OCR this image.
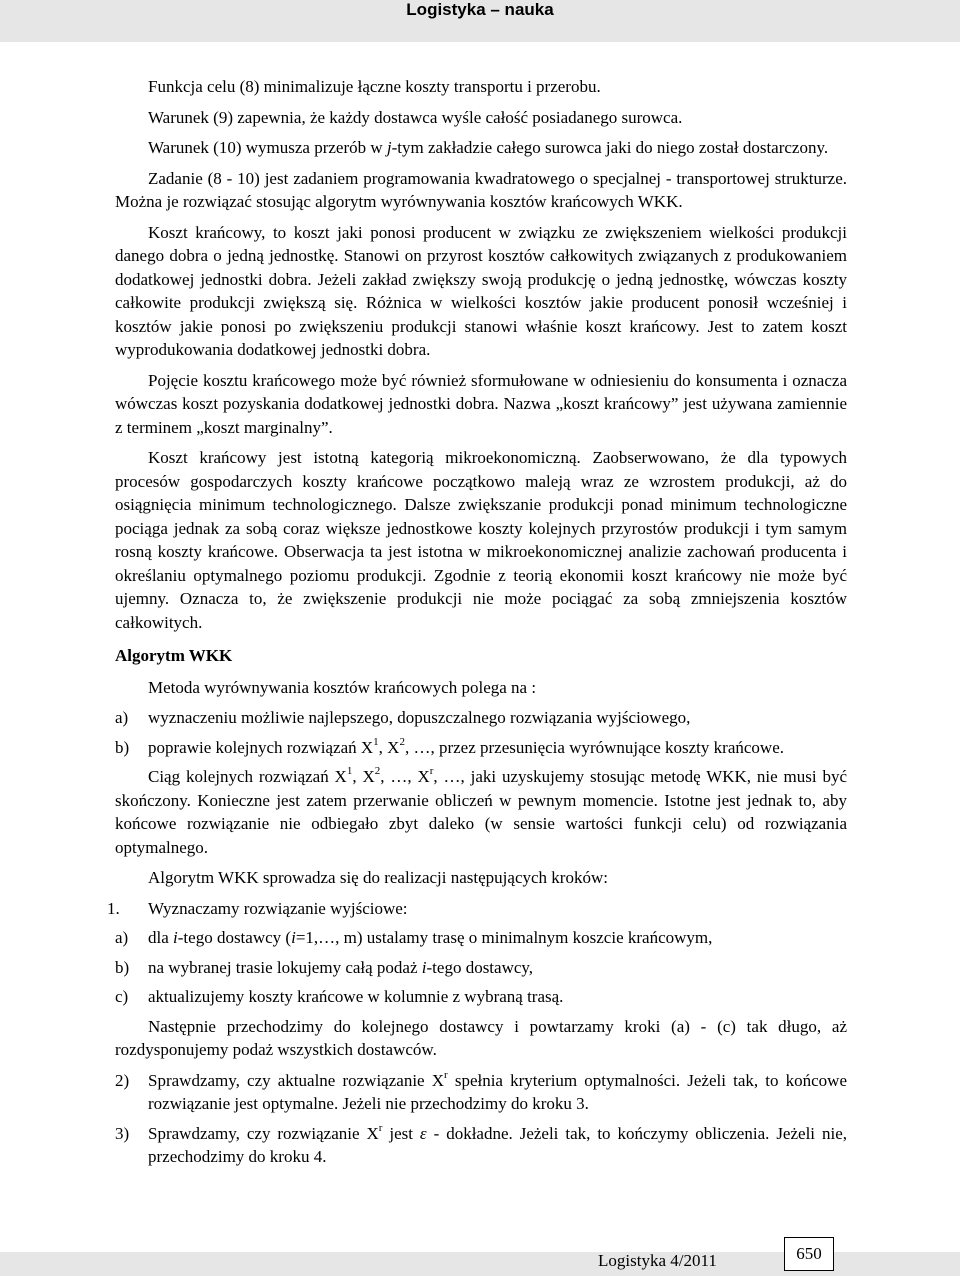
Logistyka – nauka

Funkcja celu (8) minimalizuje łączne koszty transportu i przerobu.

Warunek (9) zapewnia, że każdy dostawca wyśle całość posiadanego surowca.

Warunek (10) wymusza przerób w j-tym zakładzie całego surowca jaki do niego został dostarczony.

Zadanie (8 - 10) jest zadaniem programowania kwadratowego o specjalnej - transportowej strukturze. Można je rozwiązać stosując algorytm wyrównywania kosztów krańcowych WKK.

Koszt krańcowy, to koszt jaki ponosi producent w związku ze zwiększeniem wielkości produkcji danego dobra o jedną jednostkę. Stanowi on przyrost kosztów całkowitych związanych z produkowaniem dodatkowej jednostki dobra. Jeżeli zakład zwiększy swoją produkcję o jedną jednostkę, wówczas koszty całkowite produkcji zwiększą się. Różnica w wielkości kosztów jakie producent ponosił wcześniej i kosztów jakie ponosi po zwiększeniu produkcji stanowi właśnie koszt krańcowy. Jest to zatem koszt wyprodukowania dodatkowej jednostki dobra.

Pojęcie kosztu krańcowego może być również sformułowane w odniesieniu do konsumenta i oznacza wówczas koszt pozyskania dodatkowej jednostki dobra. Nazwa „koszt krańcowy” jest używana zamiennie z terminem „koszt marginalny”.

Koszt krańcowy jest istotną kategorią mikroekonomiczną. Zaobserwowano, że dla typowych procesów gospodarczych koszty krańcowe początkowo maleją wraz ze wzrostem produkcji, aż do osiągnięcia minimum technologicznego. Dalsze zwiększanie produkcji ponad minimum technologiczne pociąga jednak za sobą coraz większe jednostkowe koszty kolejnych przyrostów produkcji i tym samym rosną koszty krańcowe. Obserwacja ta jest istotna w mikroekonomicznej analizie zachowań producenta i określaniu optymalnego poziomu produkcji. Zgodnie z teorią ekonomii koszt krańcowy nie może być ujemny. Oznacza to, że zwiększenie produkcji nie może pociągać za sobą zmniejszenia kosztów całkowitych.

Algorytm WKK

Metoda wyrównywania kosztów krańcowych polega na :

a) wyznaczeniu możliwie najlepszego, dopuszczalnego rozwiązania wyjściowego,
b) poprawie kolejnych rozwiązań $X^1$, $X^2$, …, przez przesunięcia wyrównujące koszty krańcowe.

Ciąg kolejnych rozwiązań $X^1$, $X^2$, …, $X^r$, …, jaki uzyskujemy stosując metodę WKK, nie musi być skończony. Konieczne jest zatem przerwanie obliczeń w pewnym momencie. Istotne jest jednak to, aby końcowe rozwiązanie nie odbiegało zbyt daleko (w sensie wartości funkcji celu) od rozwiązania optymalnego.

Algorytm WKK sprowadza się do realizacji następujących kroków:

1. Wyznaczamy rozwiązanie wyjściowe:
a) dla i-tego dostawcy (i=1,…, m) ustalamy trasę o minimalnym koszcie krańcowym,
b) na wybranej trasie lokujemy całą podaż i-tego dostawcy,
c) aktualizujemy koszty krańcowe w kolumnie z wybraną trasą.

Następnie przechodzimy do kolejnego dostawcy i powtarzamy kroki (a) - (c) tak długo, aż rozdysponujemy podaż wszystkich dostawców.

2) Sprawdzamy, czy aktualne rozwiązanie $X^r$ spełnia kryterium optymalności. Jeżeli tak, to końcowe rozwiązanie jest optymalne. Jeżeli nie przechodzimy do kroku 3.
3) Sprawdzamy, czy rozwiązanie $X^r$ jest ε - dokładne. Jeżeli tak, to kończymy obliczenia. Jeżeli nie, przechodzimy do kroku 4.
Logistyka 4/2011	650
